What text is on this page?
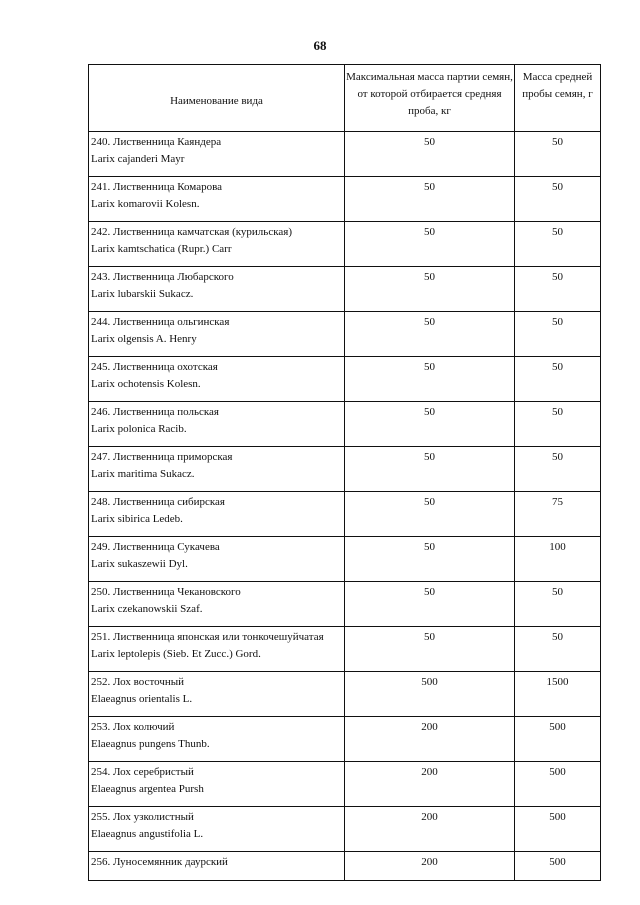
68
Наименование вида	Максимальная масса партии семян, от которой отбирается средняя проба, кг	Масса средней пробы семян, г

240. Лиственница Каяндера
Larix cajanderi Mayr	50	50

241. Лиственница Комарова
Larix komarovii Kolesn.	50	50

242. Лиственница камчатская (курильская)
Larix kamtschatica (Rupr.) Carr	50	50

243. Лиственница Любарского
Larix lubarskii Sukacz.	50	50

244. Лиственница ольгинская
Larix olgensis A. Henry	50	50

245. Лиственница охотская
Larix ochotensis Kolesn.	50	50

246. Лиственница польская
Larix polonica Racib.	50	50

247. Лиственница приморская
Larix maritima Sukacz.	50	50

248. Лиственница сибирская
Larix sibirica Ledeb.	50	75

249. Лиственница Сукачева
Larix sukaszewii Dyl.	50	100

250. Лиственница Чекановского
Larix czekanowskii Szaf.	50	50

251. Лиственница японская или тонкочешуйчатая
Larix leptolepis (Sieb. Et Zucc.) Gord.	50	50

252. Лох восточный
Elaeagnus orientalis L.	500	1500

253. Лох колючий
Elaeagnus pungens Thunb.	200	500

254. Лох серебристый
Elaeagnus argentea Pursh	200	500

255. Лох узколистный
Elaeagnus angustifolia L.	200	500

256. Луносемянник даурский	200	500
